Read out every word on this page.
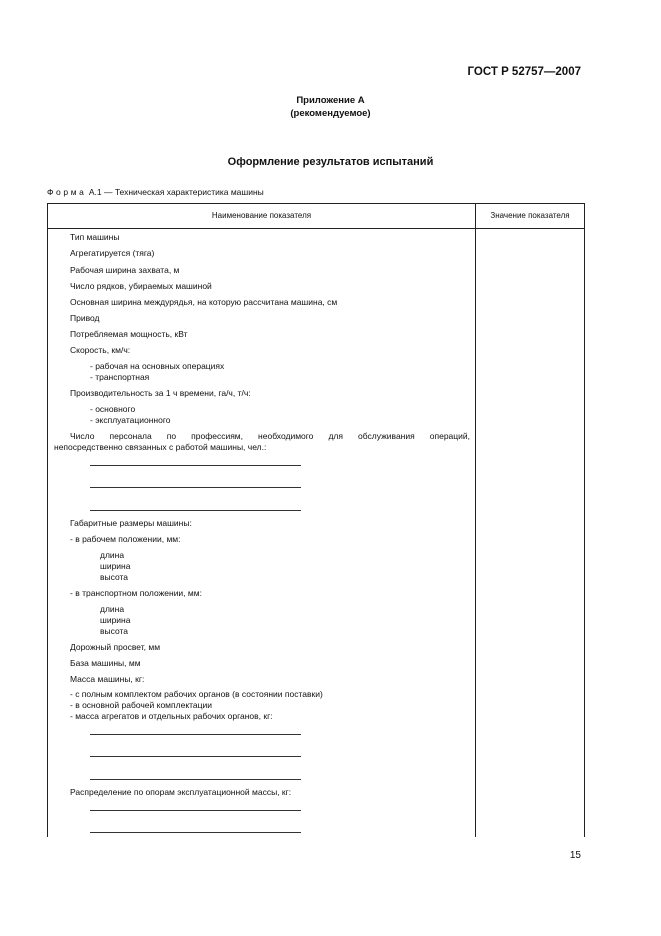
ГОСТ Р 52757—2007
Приложение А
(рекомендуемое)
Оформление результатов испытаний
Форма А.1 — Техническая характеристика машины
Наименование показателя	Значение показателя
Тип машины
Агрегатируется (тяга)
Рабочая ширина захвата, м
Число рядков, убираемых машиной
Основная ширина междурядья, на которую рассчитана машина, см
Привод
Потребляемая мощность, кВт
Скорость, км/ч:
- рабочая на основных операциях
- транспортная
Производительность за 1 ч времени, га/ч, т/ч:
- основного
- эксплуатационного
Число персонала по профессиям, необходимого для обслуживания операций,
непосредственно связанных с работой машины, чел.:
Габаритные размеры машины:
- в рабочем положении, мм:
длина
ширина
высота
- в транспортном положении, мм:
длина
ширина
высота
Дорожный просвет, мм
База машины, мм
Масса машины, кг:
- с полным комплектом рабочих органов (в состоянии поставки)
- в основной рабочей комплектации
- масса агрегатов и отдельных рабочих органов, кг:
Распределение по опорам эксплуатационной массы, кг:
15
